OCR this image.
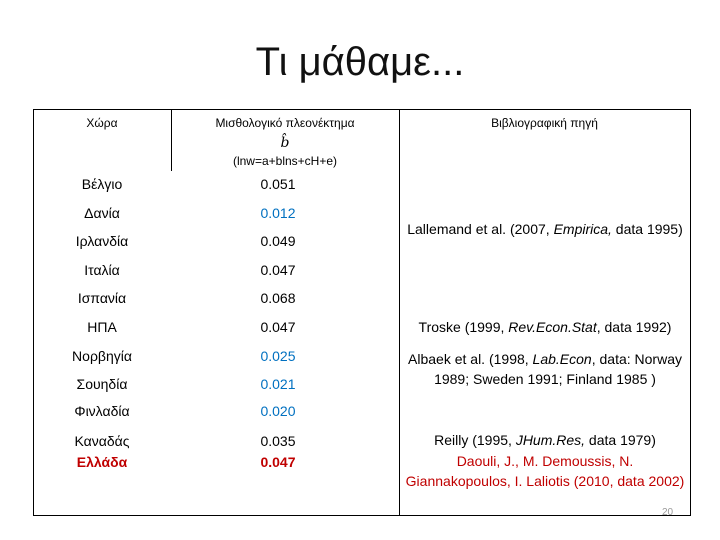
Τι μάθαμε...
Χώρα	Μισθολογικό πλεονέκτημα
b̂
(lnw=a+blns+cH+e)
Βιβλιογραφική πηγή
Βέλγιο
Δανία
Ιρλανδία
Ιταλία
Ισπανία
ΗΠΑ
Νορβηγία
Σουηδία
Φινλαδία
Καναδάς
Ελλάδα
0.051
0.012
0.049
0.047
0.068
0.047
0.025
0.021
0.020
0.035
0.047
Lallemand et al. (2007, Empirica, data 1995)
Troske (1999, Rev.Econ.Stat, data 1992)
Albaek et al. (1998, Lab.Econ, data: Norway 1989; Sweden 1991; Finland 1985 )
Reilly (1995, JHum.Res, data 1979)
Daouli, J., M. Demoussis, N. Giannakopoulos, I. Laliotis (2010, data 2002)
20
